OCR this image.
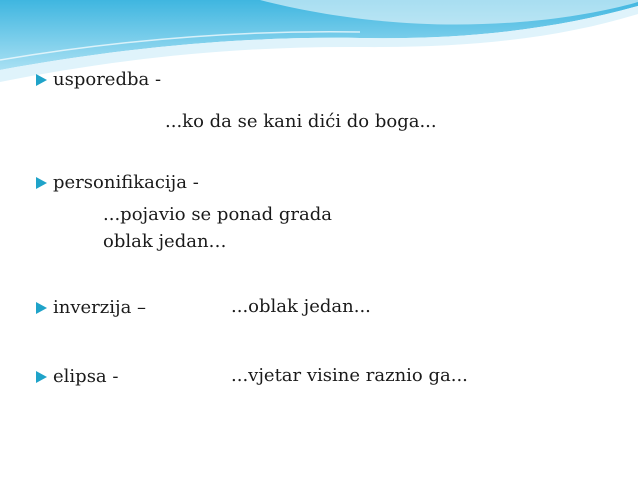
usporedba -
...ko da se kani dići do boga...
personifikacija -
...pojavio se ponad grada
oblak jedan…
inverzija –	...oblak jedan...
elipsa -	...vjetar visine raznio ga...
